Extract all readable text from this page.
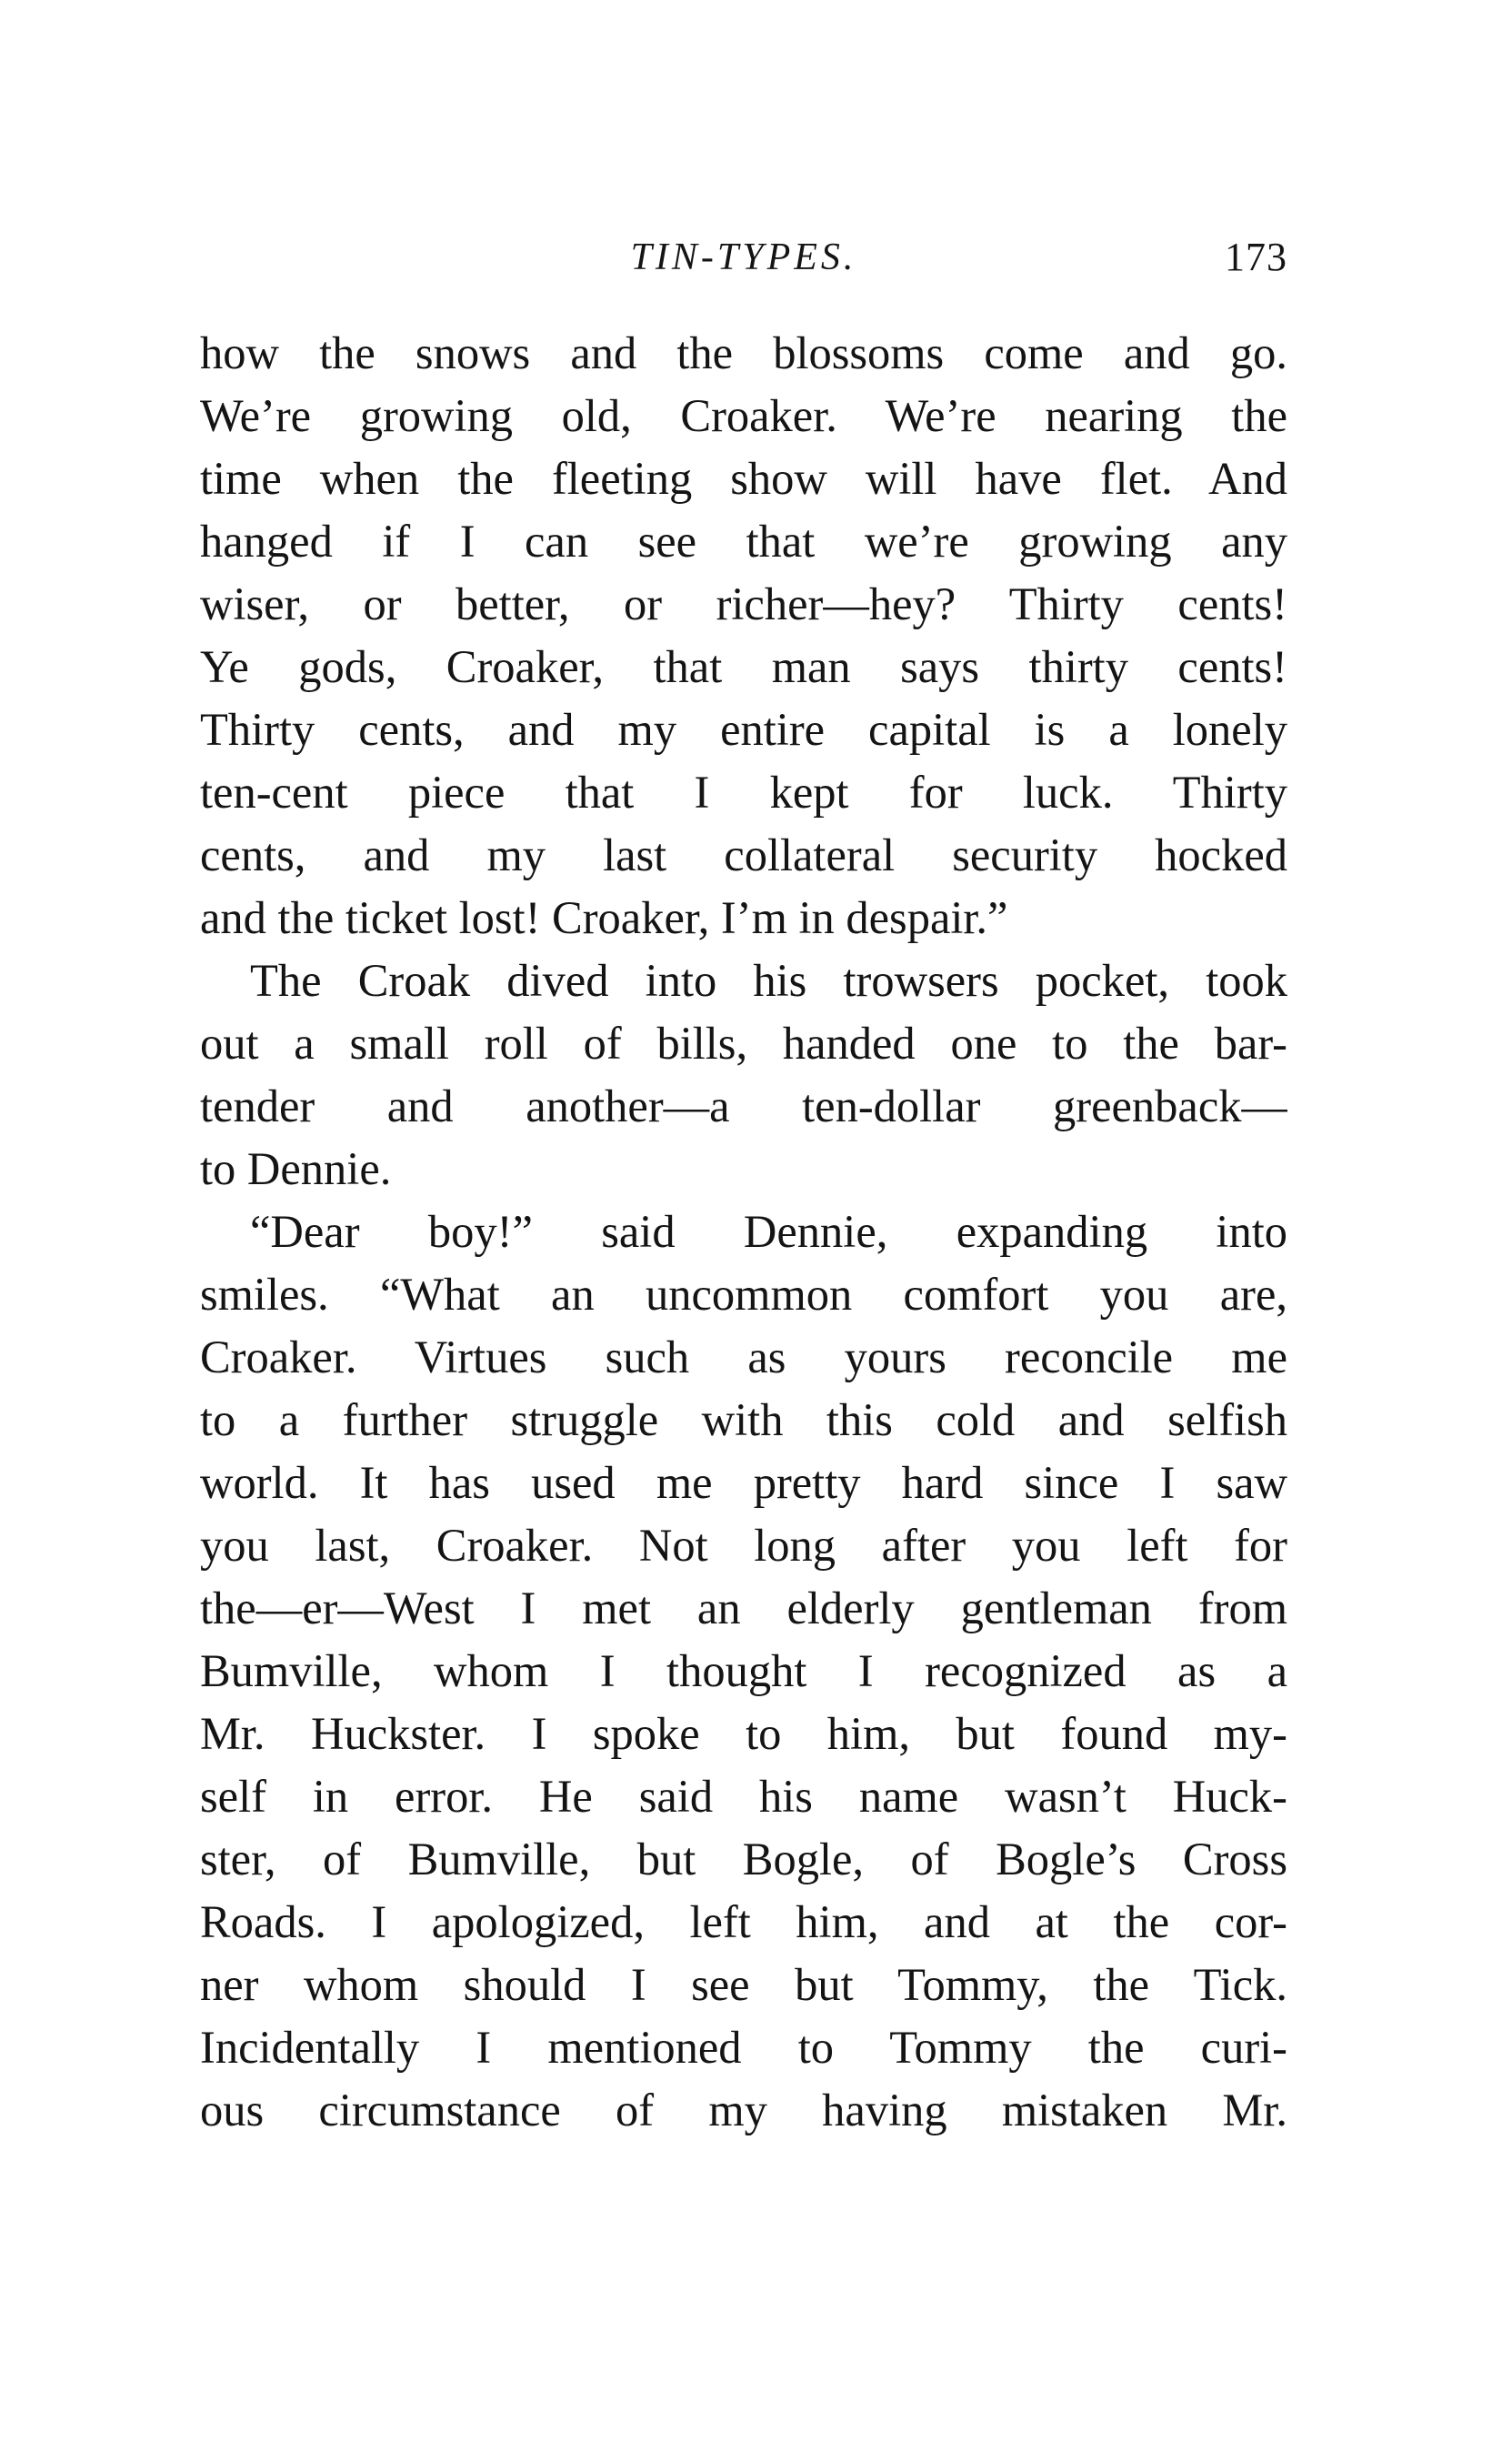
TIN-TYPES.	173
how the snows and the blossoms come and go.
We’re growing old, Croaker. We’re nearing the
time when the fleeting show will have flet. And
hanged if I can see that we’re growing any
wiser, or better, or richer—hey? Thirty cents!
Ye gods, Croaker, that man says thirty cents!
Thirty cents, and my entire capital is a lonely
ten-cent piece that I kept for luck. Thirty
cents, and my last collateral security hocked
and the ticket lost! Croaker, I’m in despair.”
The Croak dived into his trowsers pocket, took
out a small roll of bills, handed one to the bar-
tender and another—a ten-dollar greenback—
to Dennie.
“Dear boy!” said Dennie, expanding into
smiles. “What an uncommon comfort you are,
Croaker. Virtues such as yours reconcile me
to a further struggle with this cold and selfish
world. It has used me pretty hard since I saw
you last, Croaker. Not long after you left for
the—er—West I met an elderly gentleman from
Bumville, whom I thought I recognized as a
Mr. Huckster. I spoke to him, but found my-
self in error. He said his name wasn’t Huck-
ster, of Bumville, but Bogle, of Bogle’s Cross
Roads. I apologized, left him, and at the cor-
ner whom should I see but Tommy, the Tick.
Incidentally I mentioned to Tommy the curi-
ous circumstance of my having mistaken Mr.
